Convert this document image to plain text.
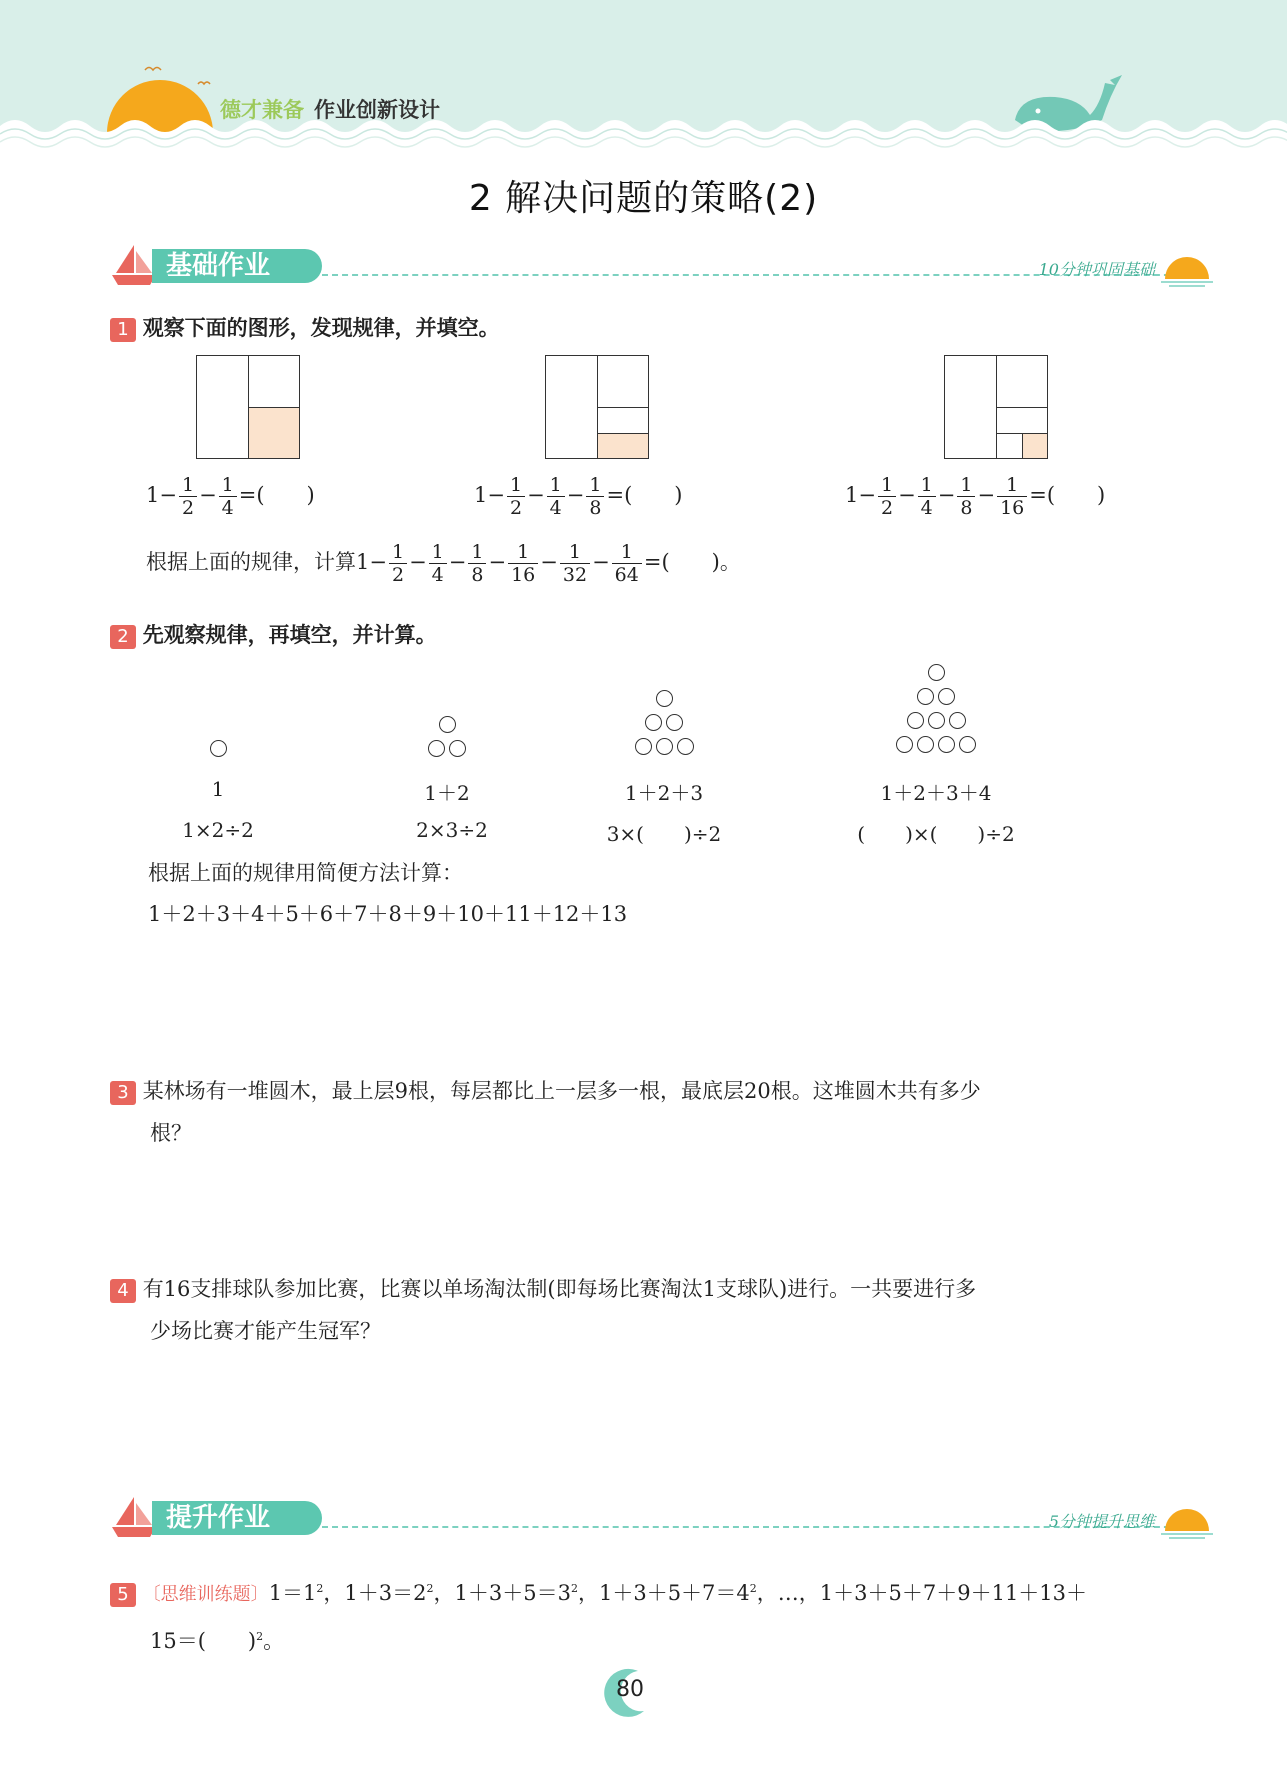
德才兼备 作业创新设计
2 解决问题的策略(2)
基础作业	10分钟巩固基础
1 观察下面的图形，发现规律，并填空。
$1- \frac{1}{2} - \frac{1}{4}$ =(　　)	$1- \frac{1}{2} - \frac{1}{4} - \frac{1}{8}$ =(　　)	$1- \frac{1}{2} - \frac{1}{4} - \frac{1}{8} - \frac{1}{16}$ =(　　)
根据上面的规律，计算$1- \frac{1}{2} - \frac{1}{4} - \frac{1}{8} - \frac{1}{16} - \frac{1}{32} - \frac{1}{64}$ =(　　)。
2 先观察规律，再填空，并计算。
1	1＋2	1＋2＋3	1＋2＋3＋4
1×2÷2	2×3÷2	3×(　　)÷2	(　　)×(　　)÷2
根据上面的规律用简便方法计算：
1＋2＋3＋4＋5＋6＋7＋8＋9＋10＋11＋12＋13
3 某林场有一堆圆木，最上层9根，每层都比上一层多一根，最底层20根。这堆圆木共有多少
根？
4 有16支排球队参加比赛，比赛以单场淘汰制(即每场比赛淘汰1支球队)进行。一共要进行多
少场比赛才能产生冠军？
提升作业	5分钟提升思维
5 〔思维训练题〕$1=1^2$，$1+3=2^2$，$1+3+5=3^2$，$1+3+5+7=4^2$，…，1＋3＋5＋7＋9＋11＋13＋
15＝(　　)$^2$。
80
